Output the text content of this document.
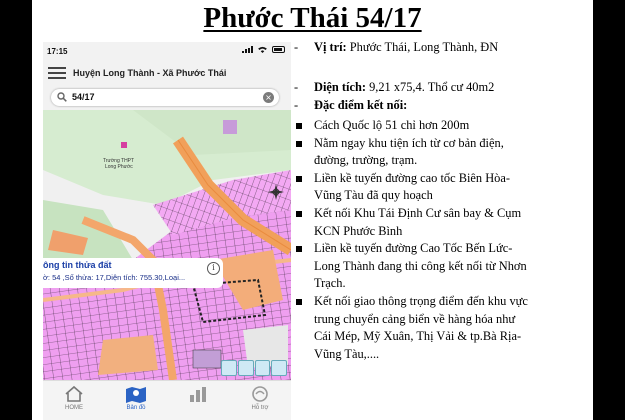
Phước Thái 54/17
17:15
Huyện Long Thành - Xã Phước Thái
54/17	×
Trường THPT
Long Phước
ông tin thửa đất
ờ: 54 ,Số thửa: 17,Diện tích: 755.30,Loại...
i
HOME	Bản đồ	Hỗ trợ
- Vị trí: Phước Thái, Long Thành, ĐN
- Diện tích: 9,21 x75,4. Thổ cư 40m2
- Đặc điểm kết nối:
Cách Quốc lộ 51 chỉ hơn 200m
Nằm ngay khu tiện ích từ cơ bản điện,
đường, trường, trạm.
Liền kề tuyến đường cao tốc Biên Hòa-
Vũng Tàu đã quy hoạch
Kết nối Khu Tái Định Cư sân bay & Cụm
KCN Phước Bình
Liền kề tuyến đường Cao Tốc Bến Lức-
Long Thành đang thi công kết nối từ Nhơn
Trạch.
Kết nối giao thông trọng điểm đến khu vực
trung chuyển cảng biển về hàng hóa như
Cái Mép, Mỹ Xuân, Thị Vải & tp.Bà Rịa-
Vũng Tàu,....
